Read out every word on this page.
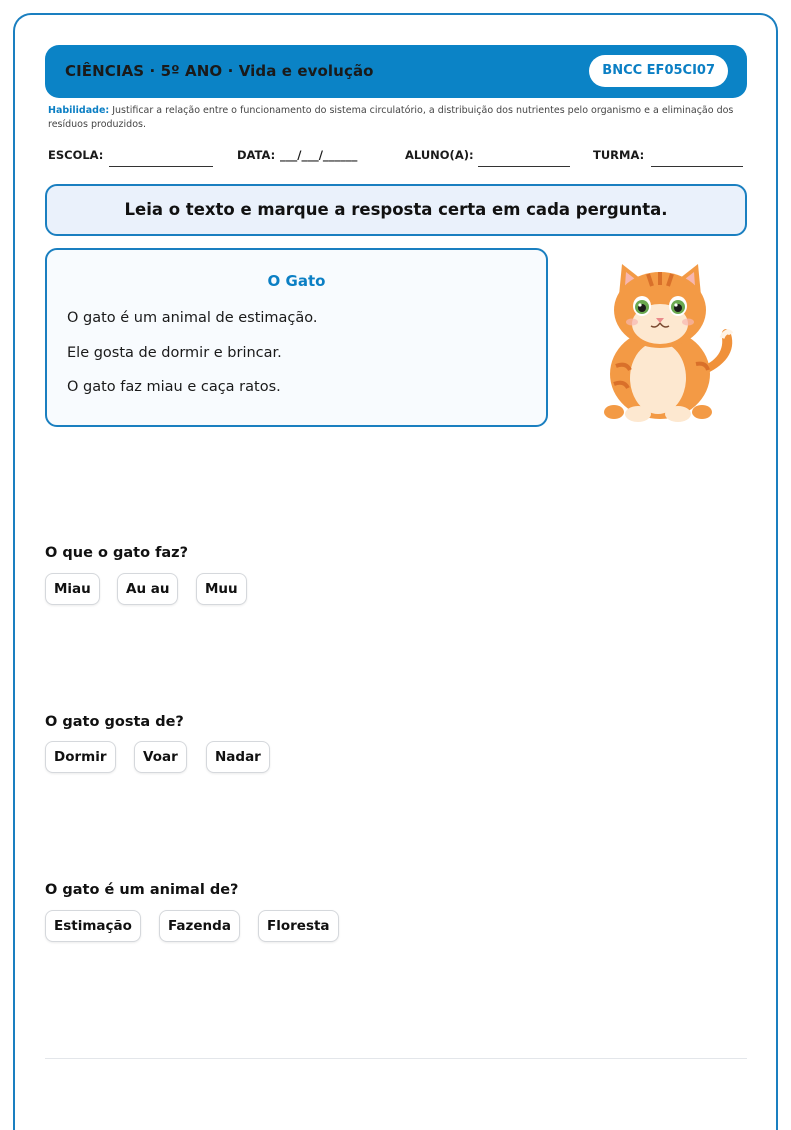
CIÊNCIAS · 5º ANO · Vida e evolução	BNCC EF05CI07
Habilidade: Justificar a relação entre o funcionamento do sistema circulatório, a distribuição dos nutrientes pelo organismo e a eliminação dos resíduos produzidos.
ESCOLA:	DATA: ___/___/______	ALUNO(A):	TURMA:
Leia o texto e marque a resposta certa em cada pergunta.
O Gato
O gato é um animal de estimação.
Ele gosta de dormir e brincar.
O gato faz miau e caça ratos.
O que o gato faz?
Miau	Au au	Muu
O gato gosta de?
Dormir	Voar	Nadar
O gato é um animal de?
Estimação	Fazenda	Floresta
